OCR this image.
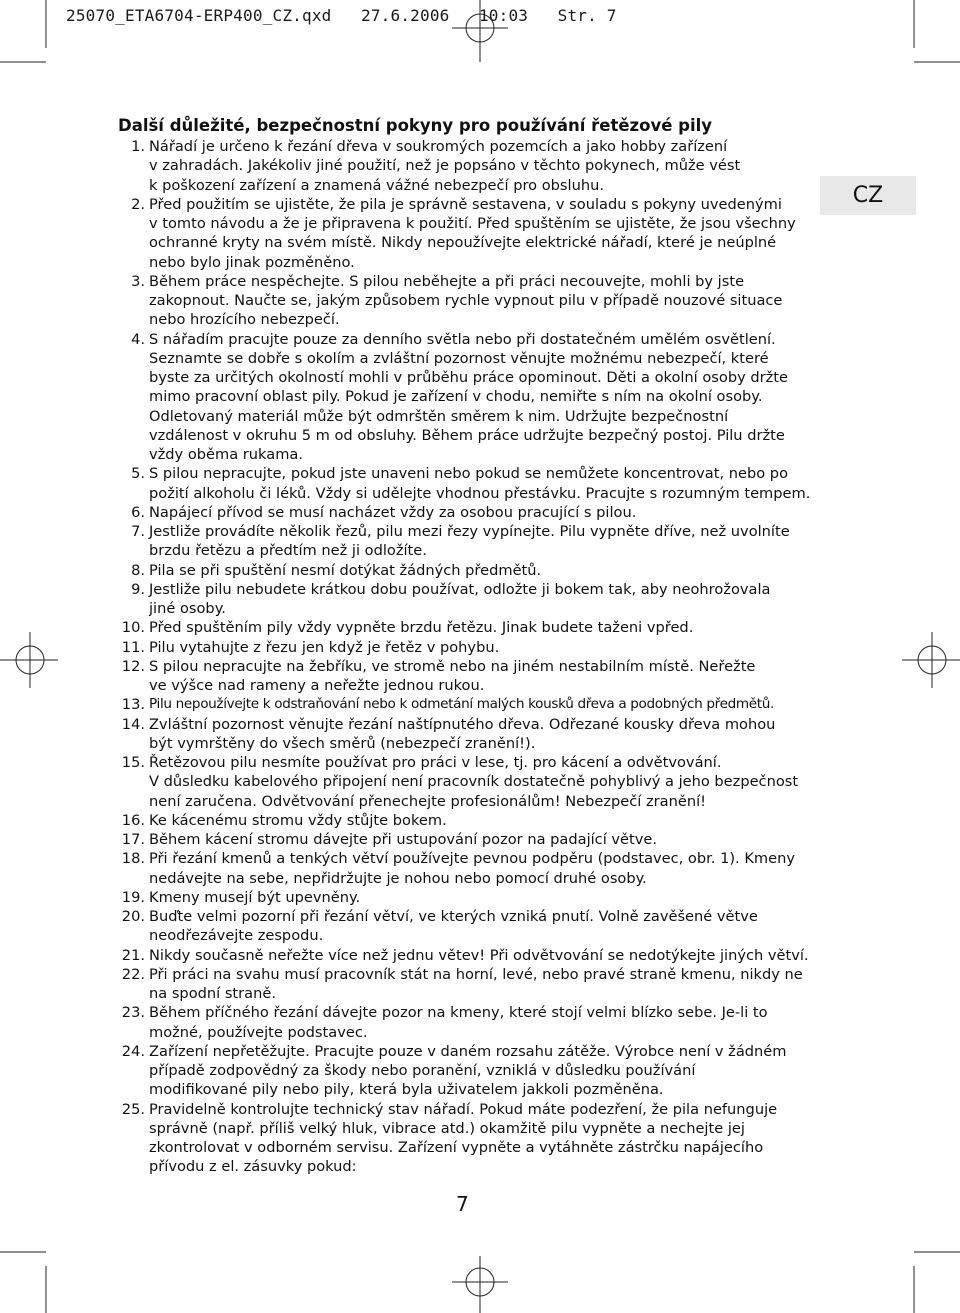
25070_ETA6704-ERP400_CZ.qxd   27.6.2006   10:03   Str. 7
Další důležité, bezpečnostní pokyny pro používání řetězové pily
CZ
1. Nářadí je určeno k řezání dřeva v soukromých pozemcích a jako hobby zařízení
v zahradách. Jakékoliv jiné použití, než je popsáno v těchto pokynech, může vést
k poškození zařízení a znamená vážné nebezpečí pro obsluhu.
2. Před použitím se ujistěte, že pila je správně sestavena, v souladu s pokyny uvedenými
v tomto návodu a že je připravena k použití. Před spuštěním se ujistěte, že jsou všechny
ochranné kryty na svém místě. Nikdy nepoužívejte elektrické nářadí, které je neúplné
nebo bylo jinak pozměněno.
3. Během práce nespěchejte. S pilou neběhejte a při práci necouvejte, mohli by jste
zakopnout. Naučte se, jakým způsobem rychle vypnout pilu v případě nouzové situace
nebo hrozícího nebezpečí.
4. S nářadím pracujte pouze za denního světla nebo při dostatečném umělém osvětlení.
Seznamte se dobře s okolím a zvláštní pozornost věnujte možnému nebezpečí, které
byste za určitých okolností mohli v průběhu práce opominout. Děti a okolní osoby držte
mimo pracovní oblast pily. Pokud je zařízení v chodu, nemiřte s ním na okolní osoby.
Odletovaný materiál může být odmrštěn směrem k nim. Udržujte bezpečnostní
vzdálenost v okruhu 5 m od obsluhy. Během práce udržujte bezpečný postoj. Pilu držte
vždy oběma rukama.
5. S pilou nepracujte, pokud jste unaveni nebo pokud se nemůžete koncentrovat, nebo po
požití alkoholu či léků. Vždy si udělejte vhodnou přestávku. Pracujte s rozumným tempem.
6. Napájecí přívod se musí nacházet vždy za osobou pracující s pilou.
7. Jestliže provádíte několik řezů, pilu mezi řezy vypínejte. Pilu vypněte dříve, než uvolníte
brzdu řetězu a předtím než ji odložíte.
8. Pila se při spuštění nesmí dotýkat žádných předmětů.
9. Jestliže pilu nebudete krátkou dobu používat, odložte ji bokem tak, aby neohrožovala
jiné osoby.
10. Před spuštěním pily vždy vypněte brzdu řetězu. Jinak budete taženi vpřed.
11. Pilu vytahujte z řezu jen když je řetěz v pohybu.
12. S pilou nepracujte na žebříku, ve stromě nebo na jiném nestabilním místě. Neřežte
ve výšce nad rameny a neřežte jednou rukou.
13. Pilu nepoužívejte k odstraňování nebo k odmetání malých kousků dřeva a podobných předmětů.
14. Zvláštní pozornost věnujte řezání naštípnutého dřeva. Odřezané kousky dřeva mohou
být vymrštěny do všech směrů (nebezpečí zranění!).
15. Řetězovou pilu nesmíte používat pro práci v lese, tj. pro kácení a odvětvování.
V důsledku kabelového připojení není pracovník dostatečně pohyblivý a jeho bezpečnost
není zaručena. Odvětvování přenechejte profesionálům! Nebezpečí zranění!
16. Ke kácenému stromu vždy stůjte bokem.
17. Během kácení stromu dávejte při ustupování pozor na padající větve.
18. Při řezání kmenů a tenkých větví používejte pevnou podpěru (podstavec, obr. 1). Kmeny
nedávejte na sebe, nepřidržujte je nohou nebo pomocí druhé osoby.
19. Kmeny musejí být upevněny.
20. Buďte velmi pozorní při řezání větví, ve kterých vzniká pnutí. Volně zavěšené větve
neodřezávejte zespodu.
21. Nikdy současně neřežte více než jednu větev! Při odvětvování se nedotýkejte jiných větví.
22. Při práci na svahu musí pracovník stát na horní, levé, nebo pravé straně kmenu, nikdy ne
na spodní straně.
23. Během příčného řezání dávejte pozor na kmeny, které stojí velmi blízko sebe. Je-li to
možné, používejte podstavec.
24. Zařízení nepřetěžujte. Pracujte pouze v daném rozsahu zátěže. Výrobce není v žádném
případě zodpovědný za škody nebo poranění, vzniklá v důsledku používání
modifikované pily nebo pily, která byla uživatelem jakkoli pozměněna.
25. Pravidelně kontrolujte technický stav nářadí. Pokud máte podezření, že pila nefunguje
správně (např. příliš velký hluk, vibrace atd.) okamžitě pilu vypněte a nechejte jej
zkontrolovat v odborném servisu. Zařízení vypněte a vytáhněte zástrčku napájecího
přívodu z el. zásuvky pokud:
7
